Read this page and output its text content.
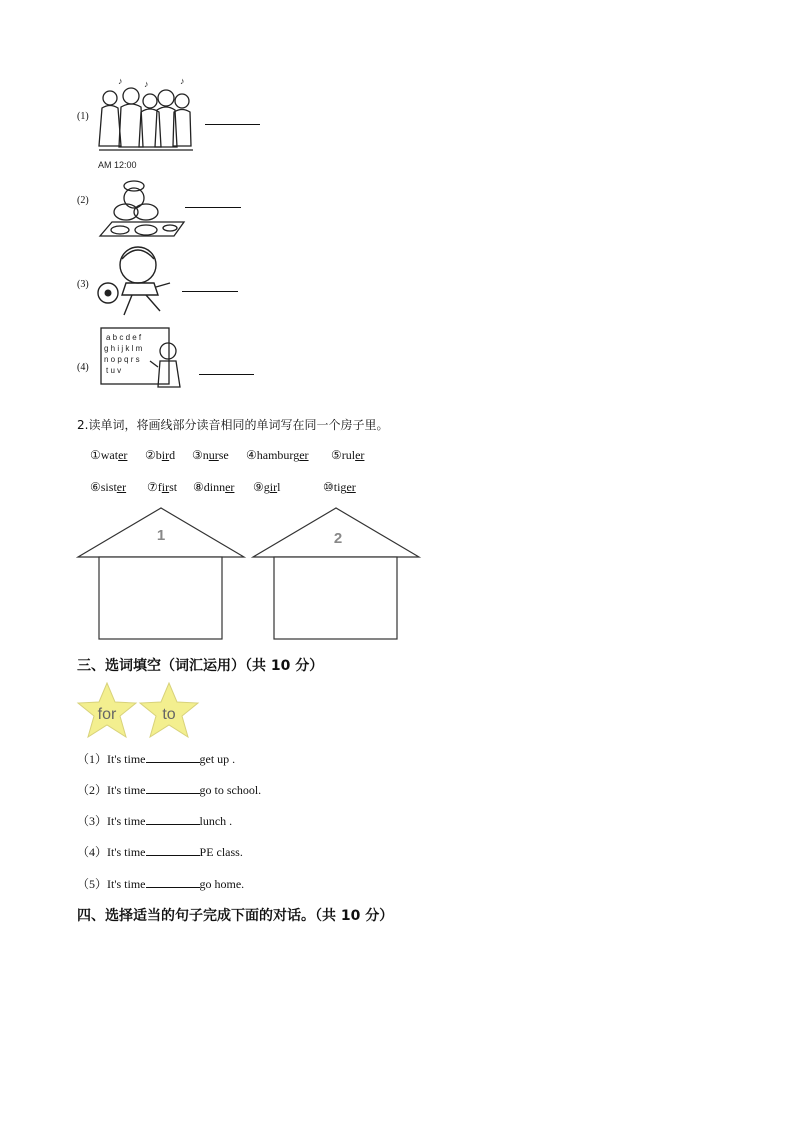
(1)
AM 12:00
♪ ♪	♪
(2)
(3)
(4)
a b c d e f
g h i j k l m
n o p q r s
t u v
2.读单词，将画线部分读音相同的单词写在同一个房子里。
①water ②bird ③nurse ④hamburger ⑤ruler
⑥sister ⑦first ⑧dinner ⑨girl	⑩tiger
1	2
三、选词填空（词汇运用）（共 10 分）
for	to
（1）It's time	get up .
（2）It's time	go to school.
（3）It's time	lunch .
（4）It's time	PE class.
（5）It's time	go home.
四、选择适当的句子完成下面的对话。（共 10 分）
